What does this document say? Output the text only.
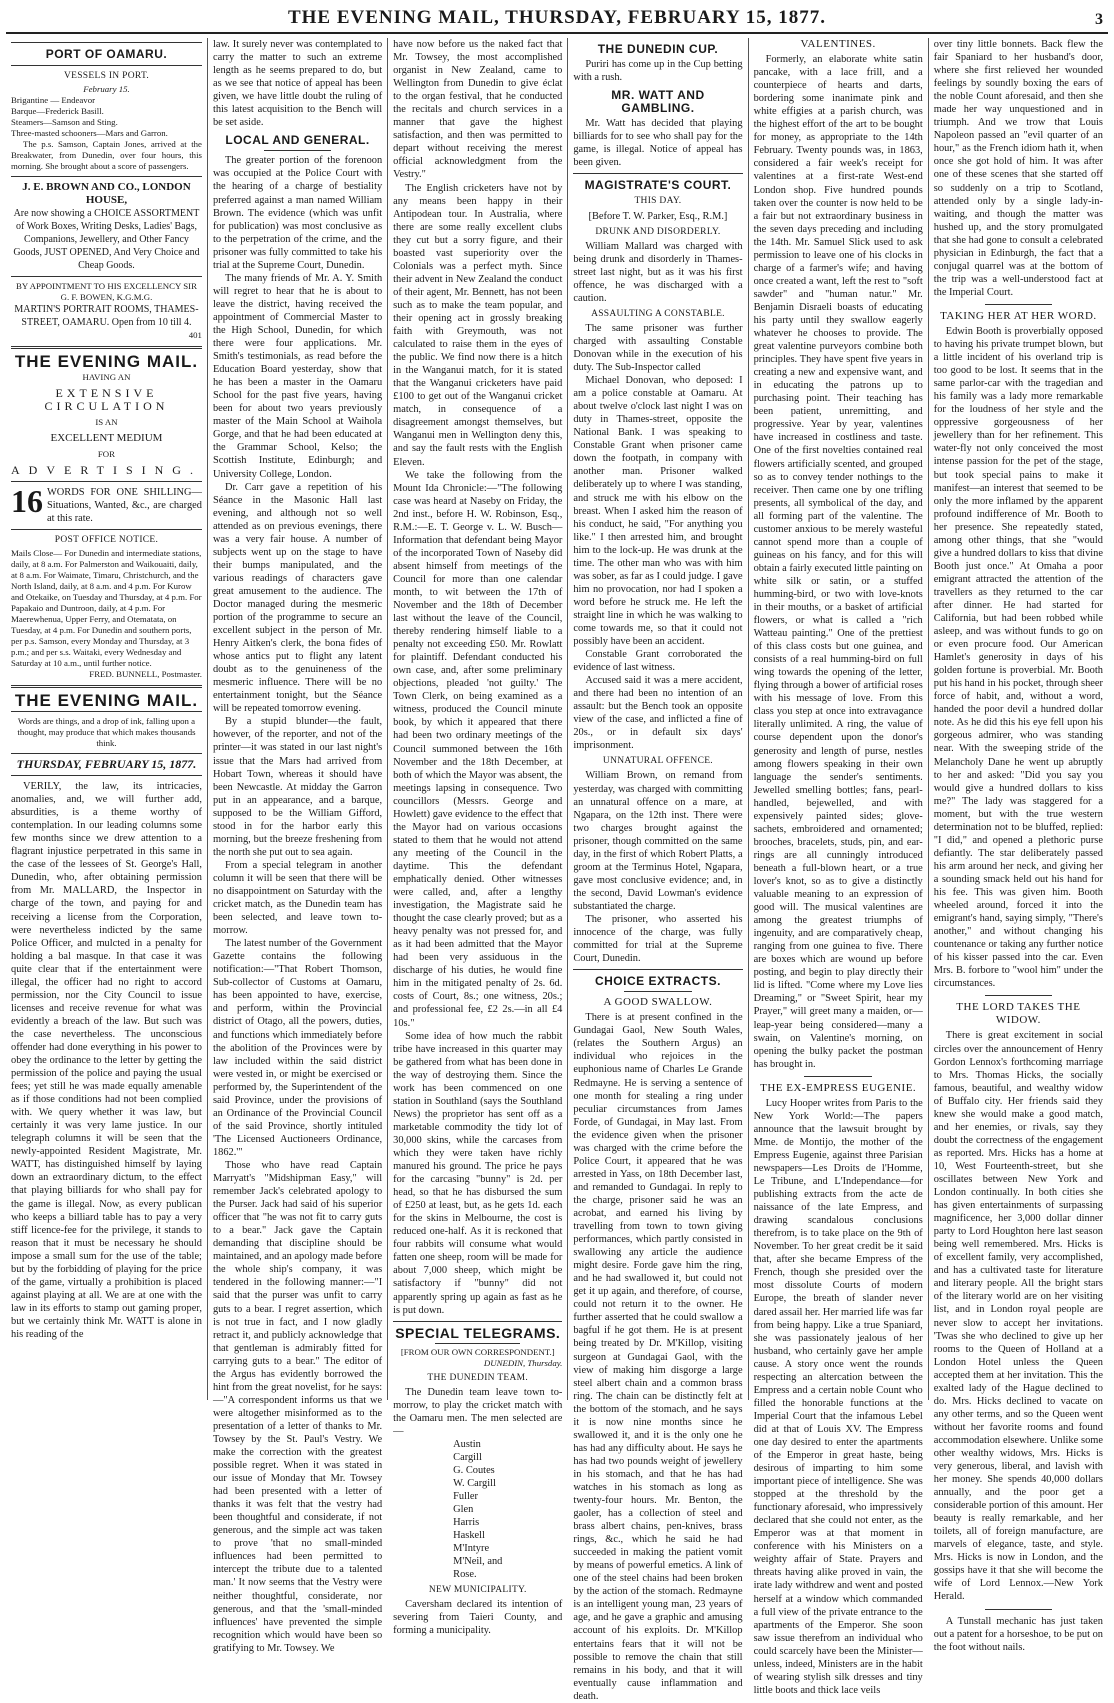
THE EVENING MAIL, THURSDAY, FEBRUARY 15, 1877.	3
PORT OF OAMARU.
VESSELS IN PORT.
February 15.
Brigantine — Endeavor
Barque—Frederick Basill.
Steamers—Samson and Sting.
Three-masted schooners—Mars and Garron.

The p.s. Samson, Captain Jones, arrived at the Breakwater, from Dunedin, over four hours, this morning. She brought about a score of passengers.

J. E. BROWN AND CO., LONDON HOUSE,
Are now showing a CHOICE ASSORTMENT of Work Boxes, Writing Desks, Ladies' Bags, Companions, Jewellery, and Other Fancy Goods, JUST OPENED, And Very Choice and Cheap Goods.
BY APPOINTMENT TO HIS EXCELLENCY SIR G. F. BOWEN, K.G.M.G.
MARTIN'S PORTRAIT ROOMS, THAMES-STREET, OAMARU. Open from 10 till 4.
401
THE EVENING MAIL.
HAVING AN
EXTENSIVE CIRCULATION
IS AN
EXCELLENT MEDIUM
FOR
ADVERTISING.
16 WORDS FOR ONE SHILLING—Situations, Wanted, &c., are charged at this rate.
POST OFFICE NOTICE.
Mails Close— For Dunedin and intermediate stations, daily, at 8 a.m. For Palmerston and Waikouaiti, daily, at 8 a.m. For Waimate, Timaru, Christchurch, and the North Island, daily, at 8 a.m. and 4 p.m. For Kurow and Otekaike, on Tuesday and Thursday, at 4 p.m. For Papakaio and Duntroon, daily, at 4 p.m. For Maerewhenua, Upper Ferry, and Otematata, on Tuesday, at 4 p.m. For Dunedin and southern ports, per p.s. Samson, every Monday and Thursday, at 3 p.m.; and per s.s. Waitaki, every Wednesday and Saturday at 10 a.m., until further notice.
FRED. BUNNELL, Postmaster.
THE EVENING MAIL.
Words are things, and a drop of ink, falling upon a thought, may produce that which makes thousands think.
THURSDAY, FEBRUARY 15, 1877.

VERILY, the law, its intricacies, anomalies, and, we will further add, absurdities, is a theme worthy of contemplation. In our leading columns some few months since we drew attention to a flagrant injustice perpetrated in this same in the case of the lessees of St. George's Hall, Dunedin, who, after obtaining permission from Mr. MALLARD, the Inspector in charge of the town, and paying for and receiving a license from the Corporation, were nevertheless indicted by the same Police Officer, and mulcted in a penalty for holding a bal masque. In that case it was quite clear that if the entertainment were illegal, the officer had no right to accord permission, nor the City Council to issue licenses and receive revenue for what was evidently a breach of the law. But such was the case nevertheless. The unconscious offender had done everything in his power to obey the ordinance to the letter by getting the permission of the police and paying the usual fees; yet still he was made equally amenable as if those conditions had not been complied with. We query whether it was law, but certainly it was very lame justice. In our telegraph columns it will be seen that the newly-appointed Resident Magistrate, Mr. WATT, has distinguished himself by laying down an extraordinary dictum, to the effect that playing billiards for who shall pay for the game is illegal. Now, as every publican who keeps a billiard table has to pay a very stiff licence-fee for the privilege, it stands to reason that it must be necessary he should impose a small sum for the use of the table; but by the forbidding of playing for the price of the game, virtually a prohibition is placed against playing at all. We are at one with the law in its efforts to stamp out gaming proper, but we certainly think Mr. WATT is alone in his reading of the

law. It surely never was contemplated to carry the matter to such an extreme length as he seems prepared to do, but as we see that notice of appeal has been given, we have little doubt the ruling of this latest acquisition to the Bench will be set aside.

LOCAL AND GENERAL.

The greater portion of the forenoon was occupied at the Police Court with the hearing of a charge of bestiality preferred against a man named William Brown. The evidence (which was unfit for publication) was most conclusive as to the perpetration of the crime, and the prisoner was fully committed to take his trial at the Supreme Court, Dunedin.

The many friends of Mr. A. Y. Smith will regret to hear that he is about to leave the district, having received the appointment of Commercial Master to the High School, Dunedin, for which there were four applications. Mr. Smith's testimonials, as read before the Education Board yesterday, show that he has been a master in the Oamaru School for the past five years, having been for about two years previously master of the Main School at Waihola Gorge, and that he had been educated at the Grammar School, Kelso; the Scottish Institute, Edinburgh; and University College, London.

Dr. Carr gave a repetition of his Séance in the Masonic Hall last evening, and although not so well attended as on previous evenings, there was a very fair house. A number of subjects went up on the stage to have their bumps manipulated, and the various readings of characters gave great amusement to the audience. The Doctor managed during the mesmeric portion of the programme to secure an excellent subject in the person of Mr. Henry Aitken's clerk, the bona fides of whose antics put to flight any latent doubt as to the genuineness of the mesmeric influence. There will be no entertainment tonight, but the Séance will be repeated tomorrow evening.

By a stupid blunder—the fault, however, of the reporter, and not of the printer—it was stated in our last night's issue that the Mars had arrived from Hobart Town, whereas it should have been Newcastle. At midday the Garron put in an appearance, and a barque, supposed to be the William Gifford, stood in for the harbor early this morning, but the breeze freshening from the north she put out to sea again.

From a special telegram in another column it will be seen that there will be no disappointment on Saturday with the cricket match, as the Dunedin team has been selected, and leave town to-morrow.

The latest number of the Government Gazette contains the following notification:—"That Robert Thomson, Sub-collector of Customs at Oamaru, has been appointed to have, exercise, and perform, within the Provincial district of Otago, all the powers, duties, and functions which immediately before the abolition of the Provinces were by law included within the said district were vested in, or might be exercised or performed by, the Superintendent of the said Province, under the provisions of an Ordinance of the Provincial Council of the said Province, shortly intituled 'The Licensed Auctioneers Ordinance, 1862.'"

Those who have read Captain Marryatt's "Midshipman Easy," will remember Jack's celebrated apology to the Purser. Jack had said of his superior officer that "he was not fit to carry guts to a bear." Jack gave the Captain demanding that discipline should be maintained, and an apology made before the whole ship's company, it was tendered in the following manner:—"I said that the purser was unfit to carry guts to a bear. I regret assertion, which is not true in fact, and I now gladly retract it, and publicly acknowledge that that gentleman is admirably fitted for carrying guts to a bear." The editor of the Argus has evidently borrowed the hint from the great novelist, for he says:—"A correspondent informs us that we were altogether misinformed as to the presentation of a letter of thanks to Mr. Towsey by the St. Paul's Vestry. We make the correction with the greatest possible regret. When it was stated in our issue of Monday that Mr. Towsey had been presented with a letter of thanks it was felt that the vestry had been thoughtful and considerate, if not generous, and the simple act was taken to prove 'that no small-minded influences had been permitted to intercept the tribute due to a talented man.' It now seems that the Vestry were neither thoughtful, considerate, nor generous, and that the 'small-minded influences' have prevented the simple recognition which would have been so gratifying to Mr. Towsey. We

have now before us the naked fact that Mr. Towsey, the most accomplished organist in New Zealand, came to Wellington from Dunedin to give éclat to the organ festival, that he conducted the recitals and church services in a manner that gave the highest satisfaction, and then was permitted to depart without receiving the merest official acknowledgment from the Vestry."

The English cricketers have not by any means been happy in their Antipodean tour. In Australia, where there are some really excellent clubs they cut but a sorry figure, and their boasted vast superiority over the Colonials was a perfect myth. Since their advent in New Zealand the conduct of their agent, Mr. Bennett, has not been such as to make the team popular, and their opening act in grossly breaking faith with Greymouth, was not calculated to raise them in the eyes of the public. We find now there is a hitch in the Wanganui match, for it is stated that the Wanganui cricketers have paid £100 to get out of the Wanganui cricket match, in consequence of a disagreement amongst themselves, but Wanganui men in Wellington deny this, and say the fault rests with the English Eleven.

We take the following from the Mount Ida Chronicle:—"The following case was heard at Naseby on Friday, the 2nd inst., before H. W. Robinson, Esq., R.M.:—E. T. George v. L. W. Busch—Information that defendant being Mayor of the incorporated Town of Naseby did absent himself from meetings of the Council for more than one calendar month, to wit between the 17th of November and the 18th of December last without the leave of the Council, thereby rendering himself liable to a penalty not exceeding £50. Mr. Rowlatt for plaintiff. Defendant conducted his own case, and, after some preliminary objections, pleaded 'not guilty.' The Town Clerk, on being examined as a witness, produced the Council minute book, by which it appeared that there had been two ordinary meetings of the Council summoned between the 16th November and the 18th December, at both of which the Mayor was absent, the meetings lapsing in consequence. Two councillors (Messrs. George and Howlett) gave evidence to the effect that the Mayor had on various occasions stated to them that he would not attend any meeting of the Council in the daytime. This the defendant emphatically denied. Other witnesses were called, and, after a lengthy investigation, the Magistrate said he thought the case clearly proved; but as a heavy penalty was not pressed for, and as it had been admitted that the Mayor had been very assiduous in the discharge of his duties, he would fine him in the mitigated penalty of 2s. 6d. costs of Court, 8s.; one witness, 20s.; and professional fee, £2 2s.—in all £4 10s."

Some idea of how much the rabbit tribe have increased in this quarter may be gathered from what has been done in the way of destroying them. Since the work has been commenced on one station in Southland (says the Southland News) the proprietor has sent off as a marketable commodity the tidy lot of 30,000 skins, while the carcases from which they were taken have richly manured his ground. The price he pays for the carcasing "bunny" is 2d. per head, so that he has disbursed the sum of £250 at least, but, as he gets 1d. each for the skins in Melbourne, the cost is reduced one-half. As it is reckoned that four rabbits will consume what would fatten one sheep, room will be made for about 7,000 sheep, which might be satisfactory if "bunny" did not apparently spring up again as fast as he is put down.

SPECIAL TELEGRAMS.
[FROM OUR OWN CORRESPONDENT.]
DUNEDIN, Thursday.
THE DUNEDIN TEAM.

The Dunedin team leave town to-morrow, to play the cricket match with the Oamaru men. The men selected are—

Austin
Cargill
G. Coutes
W. Cargill
Fuller
Glen
Harris
Haskell
M'Intyre
M'Neil, and
Rose.
NEW MUNICIPALITY.

Caversham declared its intention of severing from Taieri County, and forming a municipality.

THE DUNEDIN CUP.

Puriri has come up in the Cup betting with a rush.

MR. WATT AND GAMBLING.

Mr. Watt has decided that playing billiards for to see who shall pay for the game, is illegal. Notice of appeal has been given.

MAGISTRATE'S COURT.
THIS DAY.
[Before T. W. Parker, Esq., R.M.]
DRUNK AND DISORDERLY.

William Mallard was charged with being drunk and disorderly in Thames-street last night, but as it was his first offence, he was discharged with a caution.

ASSAULTING A CONSTABLE.

The same prisoner was further charged with assaulting Constable Donovan while in the execution of his duty. The Sub-Inspector called

Michael Donovan, who deposed: I am a police constable at Oamaru. At about twelve o'clock last night I was on duty in Thames-street, opposite the National Bank. I was speaking to Constable Grant when prisoner came down the footpath, in company with another man. Prisoner walked deliberately up to where I was standing, and struck me with his elbow on the breast. When I asked him the reason of his conduct, he said, "For anything you like." I then arrested him, and brought him to the lock-up. He was drunk at the time. The other man who was with him was sober, as far as I could judge. I gave him no provocation, nor had I spoken a word before he struck me. He left the straight line in which he was walking to come towards me, so that it could not possibly have been an accident.

Constable Grant corroborated the evidence of last witness.

Accused said it was a mere accident, and there had been no intention of an assault: but the Bench took an opposite view of the case, and inflicted a fine of 20s., or in default six days' imprisonment.

UNNATURAL OFFENCE.

William Brown, on remand from yesterday, was charged with committing an unnatural offence on a mare, at Ngapara, on the 12th inst. There were two charges brought against the prisoner, though committed on the same day, in the first of which Robert Platts, a groom at the Terminus Hotel, Ngapara, gave most conclusive evidence; and, in the second, David Lowman's evidence substantiated the charge.

The prisoner, who asserted his innocence of the charge, was fully committed for trial at the Supreme Court, Dunedin.

CHOICE EXTRACTS.
A GOOD SWALLOW.

There is at present confined in the Gundagai Gaol, New South Wales, (relates the Southern Argus) an individual who rejoices in the euphonious name of Charles Le Grande Redmayne. He is serving a sentence of one month for stealing a ring under peculiar circumstances from James Forde, of Gundagai, in May last. From the evidence given when the prisoner was charged with the crime before the Police Court, it appeared that he was arrested in Yass, on 18th December last, and remanded to Gundagai. In reply to the charge, prisoner said he was an acrobat, and earned his living by travelling from town to town giving performances, which partly consisted in swallowing any article the audience might desire. Forde gave him the ring, and he had swallowed it, but could not get it up again, and therefore, of course, could not return it to the owner. He further asserted that he could swallow a bagful if he got them. He is at present being treated by Dr. M'Killop, visiting surgeon at Gundagai Gaol, with the view of making him disgorge a large steel albert chain and a common brass ring. The chain can be distinctly felt at the bottom of the stomach, and he says it is now nine months since he swallowed it, and it is the only one he has had any difficulty about. He says he has had two pounds weight of jewellery in his stomach, and that he has had watches in his stomach as long as twenty-four hours. Mr. Benton, the gaoler, has a collection of steel and brass albert chains, pen-knives, brass rings, &c., which he said he had succeeded in making the patient vomit by means of powerful emetics. A link of one of the steel chains had been broken by the action of the stomach. Redmayne is an intelligent young man, 23 years of age, and he gave a graphic and amusing account of his exploits. Dr. M'Killop entertains fears that it will not be possible to remove the chain that still remains in his body, and that it will eventually cause inflammation and death.

VALENTINES.

Formerly, an elaborate white satin pancake, with a lace frill, and a counterpiece of hearts and darts, bordering some inanimate pink and white effigies at a parish church, was the highest effort of the art to be bought for money, as appropriate to the 14th February. Twenty pounds was, in 1863, considered a fair week's receipt for valentines at a first-rate West-end London shop. Five hundred pounds taken over the counter is now held to be a fair but not extraordinary business in the seven days preceding and including the 14th. Mr. Samuel Slick used to ask permission to leave one of his clocks in charge of a farmer's wife; and having once created a want, left the rest to "soft sawder" and "human natur." Mr. Benjamin Disraeli boasts of educating his party until they swallow eagerly whatever he chooses to provide. The great valentine purveyors combine both principles. They have spent five years in creating a new and expensive want, and in educating the patrons up to purchasing point. Their teaching has been patient, unremitting, and progressive. Year by year, valentines have increased in costliness and taste. One of the first novelties contained real flowers artificially scented, and grouped so as to convey tender nothings to the receiver. Then came one by one trifling presents, all symbolical of the day, and all forming part of the valentine. The customer anxious to be merely wasteful cannot spend more than a couple of guineas on his fancy, and for this will obtain a fairly executed little painting on white silk or satin, or a stuffed humming-bird, or two with love-knots in their mouths, or a basket of artificial flowers, or what is called a "rich Watteau painting." One of the prettiest of this class costs but one guinea, and consists of a real humming-bird on full wing towards the opening of the letter, flying through a bower of artificial roses with his message of love. From this class you step at once into extravagance literally unlimited. A ring, the value of course dependent upon the donor's generosity and length of purse, nestles among flowers speaking in their own language the sender's sentiments. Jewelled smelling bottles; fans, pearl-handled, bejewelled, and with expensively painted sides; glove-sachets, embroidered and ornamented; brooches, bracelets, studs, pin, and ear-rings are all cunningly introduced beneath a full-blown heart, or a true lover's knot, so as to give a distinctly valuable meaning to an expression of good will. The musical valentines are among the greatest triumphs of ingenuity, and are comparatively cheap, ranging from one guinea to five. There are boxes which are wound up before posting, and begin to play directly their lid is lifted. "Come where my Love lies Dreaming," or "Sweet Spirit, hear my Prayer," will greet many a maiden, or—leap-year being considered—many a swain, on Valentine's morning, on opening the bulky packet the postman has brought in.

THE EX-EMPRESS EUGENIE.

Lucy Hooper writes from Paris to the New York World:—The papers announce that the lawsuit brought by Mme. de Montijo, the mother of the Empress Eugenie, against three Parisian newspapers—Les Droits de l'Homme, Le Tribune, and L'Independance—for publishing extracts from the acte de naissance of the late Empress, and drawing scandalous conclusions therefrom, is to take place on the 9th of November. To her great credit be it said that, after she became Empress of the French, though she presided over the most dissolute Courts of modern Europe, the breath of slander never dared assail her. Her married life was far from being happy. Like a true Spaniard, she was passionately jealous of her husband, who certainly gave her ample cause. A story once went the rounds respecting an altercation between the Empress and a certain noble Count who filled the honorable functions at the Imperial Court that the infamous Lebel did at that of Louis XV. The Empress one day desired to enter the apartments of the Emperor in great haste, being desirous of imparting to him some important piece of intelligence. She was stopped at the threshold by the functionary aforesaid, who impressively declared that she could not enter, as the Emperor was at that moment in conference with his Ministers on a weighty affair of State. Prayers and threats having alike proved in vain, the irate lady withdrew and went and posted herself at a window which commanded a full view of the private entrance to the apartments of the Emperor. She soon saw issue therefrom an individual who could scarcely have been the Minister—unless, indeed, Ministers are in the habit of wearing stylish silk dresses and tiny little boots and thick lace veils

over tiny little bonnets. Back flew the fair Spaniard to her husband's door, where she first relieved her wounded feelings by soundly boxing the ears of the noble Count aforesaid, and then she made her way unquestioned and in triumph. And we trow that Louis Napoleon passed an "evil quarter of an hour," as the French idiom hath it, when once she got hold of him. It was after one of these scenes that she started off so suddenly on a trip to Scotland, attended only by a single lady-in-waiting, and though the matter was hushed up, and the story promulgated that she had gone to consult a celebrated physician in Edinburgh, the fact that a conjugal quarrel was at the bottom of the trip was a well-understood fact at the Imperial Court.

TAKING HER AT HER WORD.

Edwin Booth is proverbially opposed to having his private trumpet blown, but a little incident of his overland trip is too good to be lost. It seems that in the same parlor-car with the tragedian and his family was a lady more remarkable for the loudness of her style and the oppressive gorgeousness of her jewellery than for her refinement. This water-fly not only conceived the most intense passion for the pet of the stage, but took special pains to make it manifest—an interest that seemed to be only the more inflamed by the apparent profound indifference of Mr. Booth to her presence. She repeatedly stated, among other things, that she "would give a hundred dollars to kiss that divine Booth just once." At Omaha a poor emigrant attracted the attention of the travellers as they returned to the car after dinner. He had started for California, but had been robbed while asleep, and was without funds to go on or even procure food. Our American Hamlet's generosity in days of his golden fortune is proverbial. Mr. Booth put his hand in his pocket, through sheer force of habit, and, without a word, handed the poor devil a hundred dollar note. As he did this his eye fell upon his gorgeous admirer, who was standing near. With the sweeping stride of the Melancholy Dane he went up abruptly to her and asked: "Did you say you would give a hundred dollars to kiss me?" The lady was staggered for a moment, but with the true western determination not to be bluffed, replied: "I did," and opened a plethoric purse defiantly. The star deliberately passed his arm around her neck, and giving her a sounding smack held out his hand for his fee. This was given him. Booth wheeled around, forced it into the emigrant's hand, saying simply, "There's another," and without changing his countenance or taking any further notice of his kisser passed into the car. Even Mrs. B. forbore to "wool him" under the circumstances.

THE LORD TAKES THE WIDOW.

There is great excitement in social circles over the announcement of Henry Gordon Lennox's forthcoming marriage to Mrs. Thomas Hicks, the socially famous, beautiful, and wealthy widow of Buffalo city. Her friends said they knew she would make a good match, and her enemies, or rivals, say they doubt the correctness of the engagement as reported. Mrs. Hicks has a home at 10, West Fourteenth-street, but she oscillates between New York and London continually. In both cities she has given entertainments of surpassing magnificence, her 3,000 dollar dinner party to Lord Houghton here last season being well remembered. Mrs. Hicks is of excellent family, very accomplished, and has a cultivated taste for literature and literary people. All the bright stars of the literary world are on her visiting list, and in London royal people are never slow to accept her invitations. 'Twas she who declined to give up her rooms to the Queen of Holland at a London Hotel unless the Queen accepted them at her invitation. This the exalted lady of the Hague declined to do. Mrs. Hicks declined to vacate on any other terms, and so the Queen went without her favorite rooms and found accommodation elsewhere. Unlike some other wealthy widows, Mrs. Hicks is very generous, liberal, and lavish with her money. She spends 40,000 dollars annually, and the poor get a considerable portion of this amount. Her beauty is really remarkable, and her toilets, all of foreign manufacture, are marvels of elegance, taste, and style. Mrs. Hicks is now in London, and the gossips have it that she will become the wife of Lord Lennox.—New York Herald.

A Tunstall mechanic has just taken out a patent for a horseshoe, to be put on the foot without nails.
